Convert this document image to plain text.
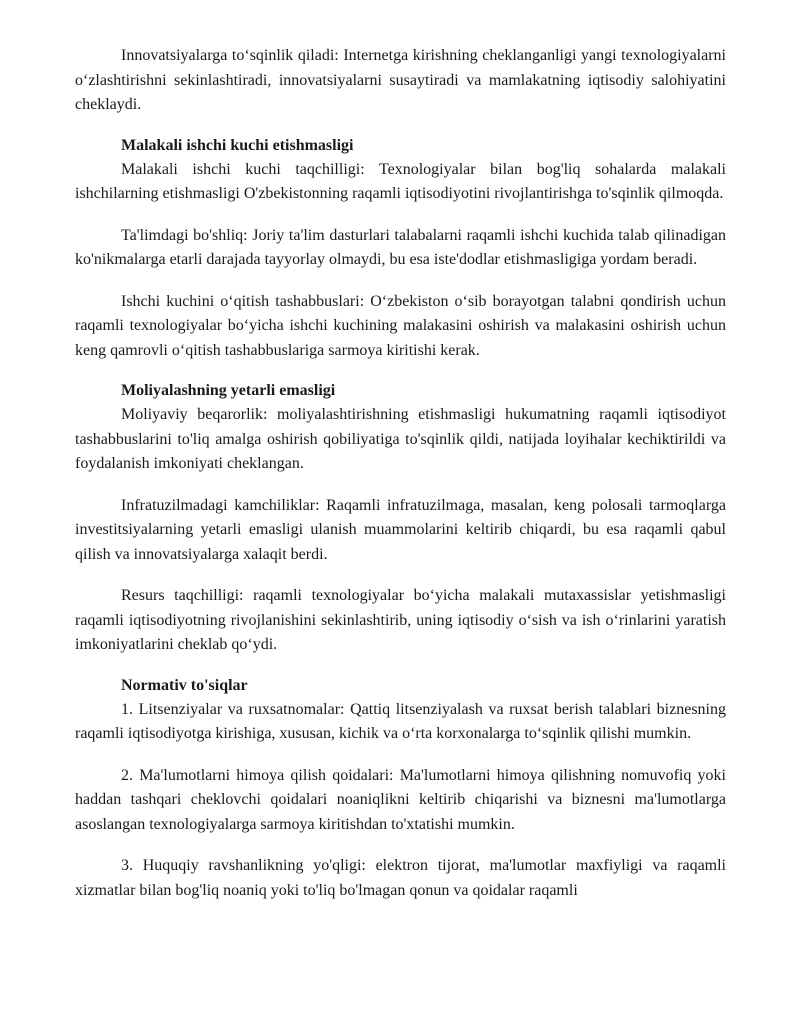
Innovatsiyalarga to‘sqinlik qiladi: Internetga kirishning cheklanganligi yangi texnologiyalarni o‘zlashtirishni sekinlashtiradi, innovatsiyalarni susaytiradi va mamlakatning iqtisodiy salohiyatini cheklaydi.

Malakali ishchi kuchi etishmasligi

Malakali ishchi kuchi taqchilligi: Texnologiyalar bilan bog'liq sohalarda malakali ishchilarning etishmasligi O'zbekistonning raqamli iqtisodiyotini rivojlantirishga to'sqinlik qilmoqda.

Ta'limdagi bo'shliq: Joriy ta'lim dasturlari talabalarni raqamli ishchi kuchida talab qilinadigan ko'nikmalarga etarli darajada tayyorlay olmaydi, bu esa iste'dodlar etishmasligiga yordam beradi.

Ishchi kuchini o‘qitish tashabbuslari: O‘zbekiston o‘sib borayotgan talabni qondirish uchun raqamli texnologiyalar bo‘yicha ishchi kuchining malakasini oshirish va malakasini oshirish uchun keng qamrovli o‘qitish tashabbuslariga sarmoya kiritishi kerak.

Moliyalashning yetarli emasligi

Moliyaviy beqarorlik: moliyalashtirishning etishmasligi hukumatning raqamli iqtisodiyot tashabbuslarini to'liq amalga oshirish qobiliyatiga to'sqinlik qildi, natijada loyihalar kechiktirildi va foydalanish imkoniyati cheklangan.

Infratuzilmadagi kamchiliklar: Raqamli infratuzilmaga, masalan, keng polosali tarmoqlarga investitsiyalarning yetarli emasligi ulanish muammolarini keltirib chiqardi, bu esa raqamli qabul qilish va innovatsiyalarga xalaqit berdi.

Resurs taqchilligi: raqamli texnologiyalar bo‘yicha malakali mutaxassislar yetishmasligi raqamli iqtisodiyotning rivojlanishini sekinlashtirib, uning iqtisodiy o‘sish va ish o‘rinlarini yaratish imkoniyatlarini cheklab qo‘ydi.

Normativ to'siqlar

1. Litsenziyalar va ruxsatnomalar: Qattiq litsenziyalash va ruxsat berish talablari biznesning raqamli iqtisodiyotga kirishiga, xususan, kichik va o‘rta korxonalarga to‘sqinlik qilishi mumkin.

2. Ma'lumotlarni himoya qilish qoidalari: Ma'lumotlarni himoya qilishning nomuvofiq yoki haddan tashqari cheklovchi qoidalari noaniqlikni keltirib chiqarishi va biznesni ma'lumotlarga asoslangan texnologiyalarga sarmoya kiritishdan to'xtatishi mumkin.

3. Huquqiy ravshanlikning yo'qligi: elektron tijorat, ma'lumotlar maxfiyligi va raqamli xizmatlar bilan bog'liq noaniq yoki to'liq bo'lmagan qonun va qoidalar raqamli
